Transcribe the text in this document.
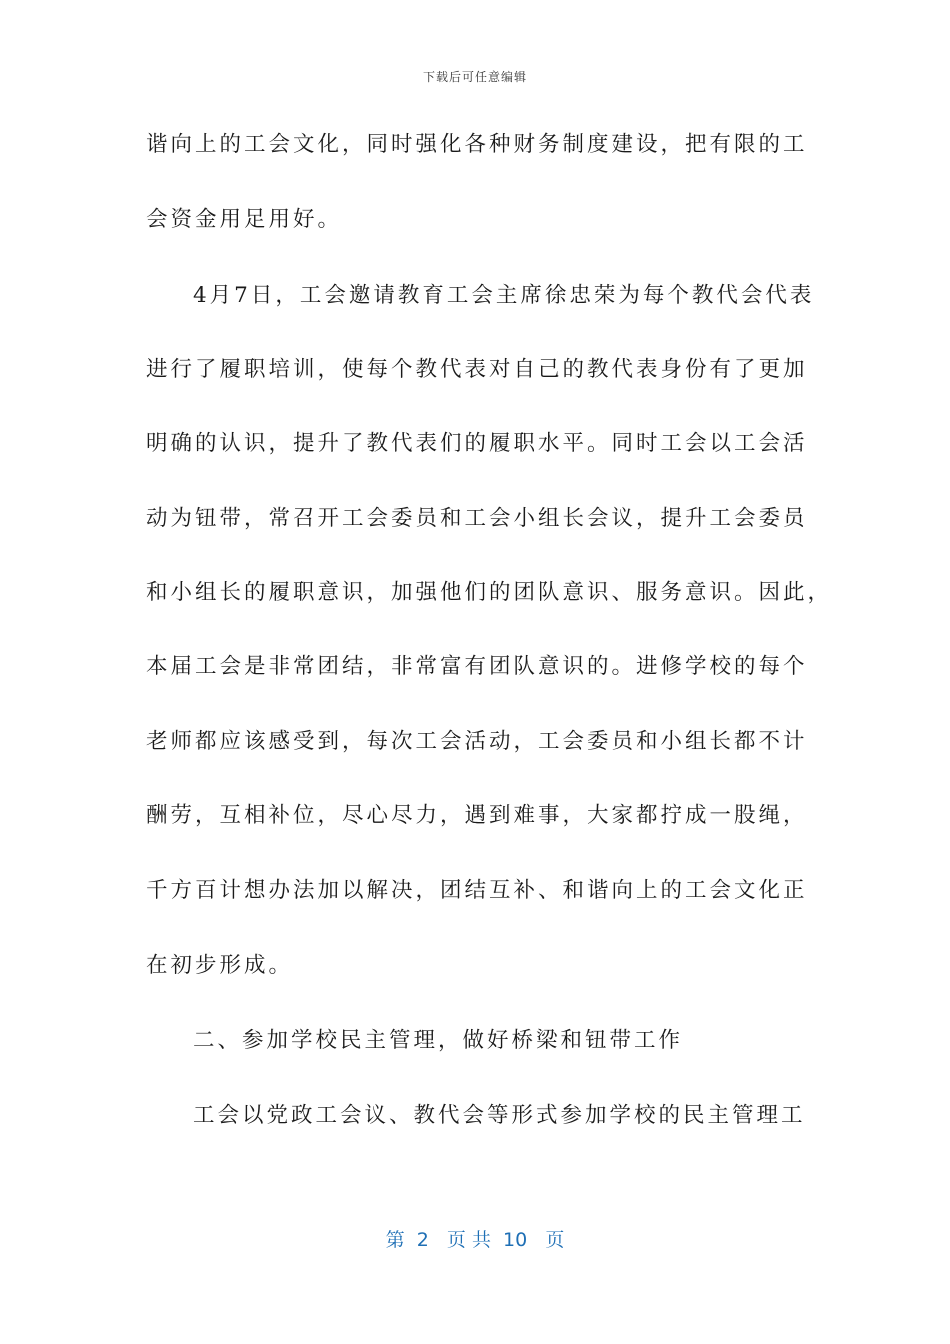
下载后可任意编辑
谐向上的工会文化，同时强化各种财务制度建设，把有限的工
会资金用足用好。
4月7日，工会邀请教育工会主席徐忠荣为每个教代会代表
进行了履职培训，使每个教代表对自己的教代表身份有了更加
明确的认识，提升了教代表们的履职水平。同时工会以工会活
动为钮带，常召开工会委员和工会小组长会议，提升工会委员
和小组长的履职意识，加强他们的团队意识、服务意识。因此，
本届工会是非常团结，非常富有团队意识的。进修学校的每个
老师都应该感受到，每次工会活动，工会委员和小组长都不计
酬劳，互相补位，尽心尽力，遇到难事，大家都拧成一股绳，
千方百计想办法加以解决，团结互补、和谐向上的工会文化正
在初步形成。
二、参加学校民主管理，做好桥梁和钮带工作
工会以党政工会议、教代会等形式参加学校的民主管理工
第  2   页 共  10   页
